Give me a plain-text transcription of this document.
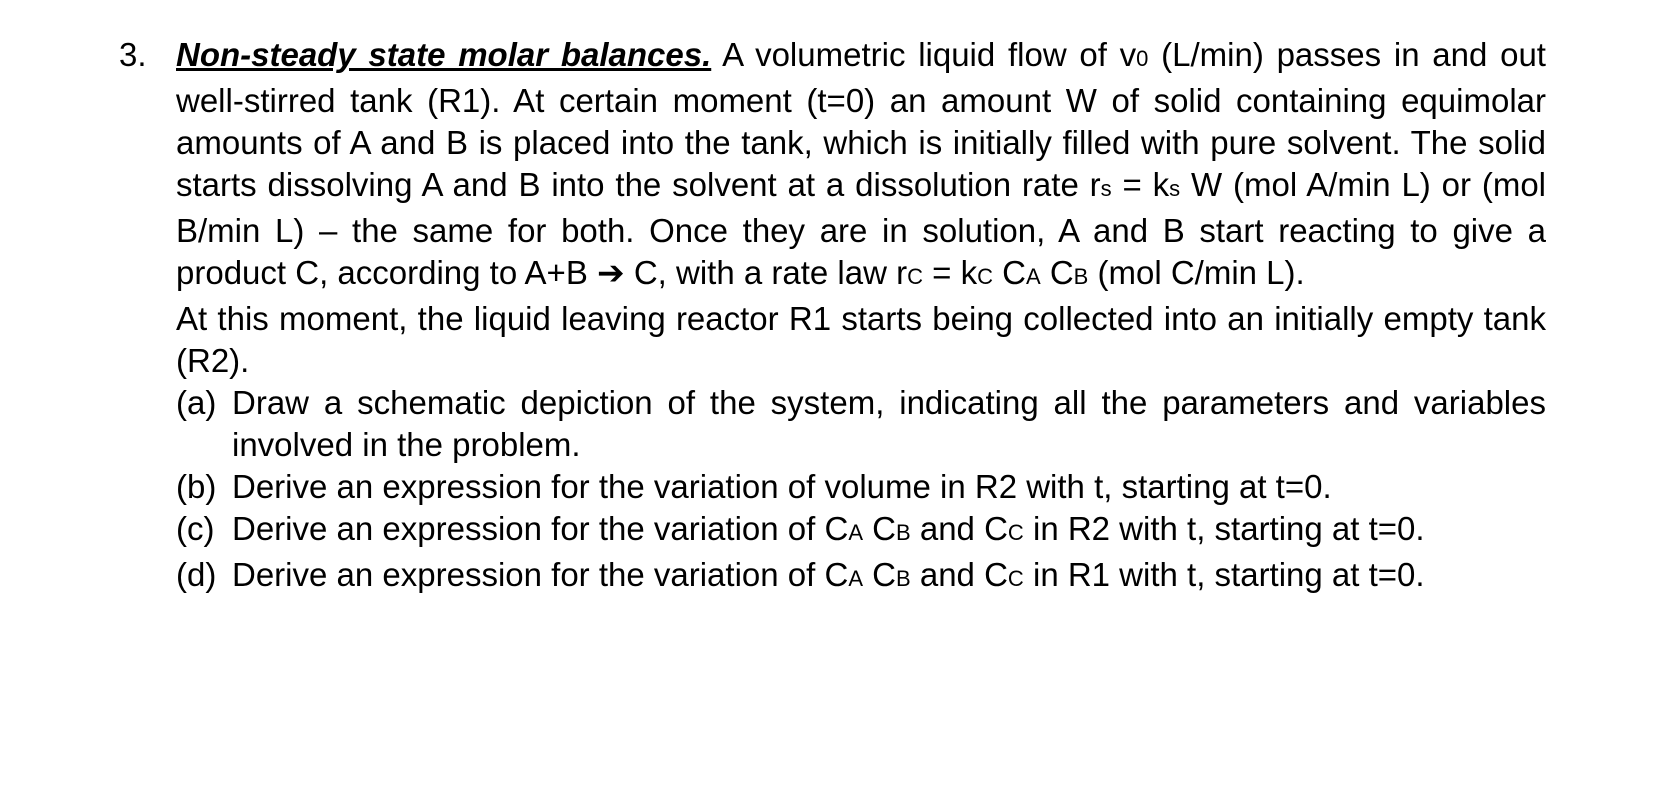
3. Non-steady state molar balances. A volumetric liquid flow of v0 (L/min) passes in and out well-stirred tank (R1). At certain moment (t=0) an amount W of solid containing equimolar amounts of A and B is placed into the tank, which is initially filled with pure solvent. The solid starts dissolving A and B into the solvent at a dissolution rate rs = ks W (mol A/min L) or (mol B/min L) – the same for both. Once they are in solution, A and B start reacting to give a product C, according to A+B ➔ C, with a rate law rC = kC CA CB (mol C/min L).
At this moment, the liquid leaving reactor R1 starts being collected into an initially empty tank (R2).
(a) Draw a schematic depiction of the system, indicating all the parameters and variables involved in the problem.
(b) Derive an expression for the variation of volume in R2 with t, starting at t=0.
(c) Derive an expression for the variation of CA CB and CC in R2 with t, starting at t=0.
(d) Derive an expression for the variation of CA CB and CC in R1 with t, starting at t=0.
